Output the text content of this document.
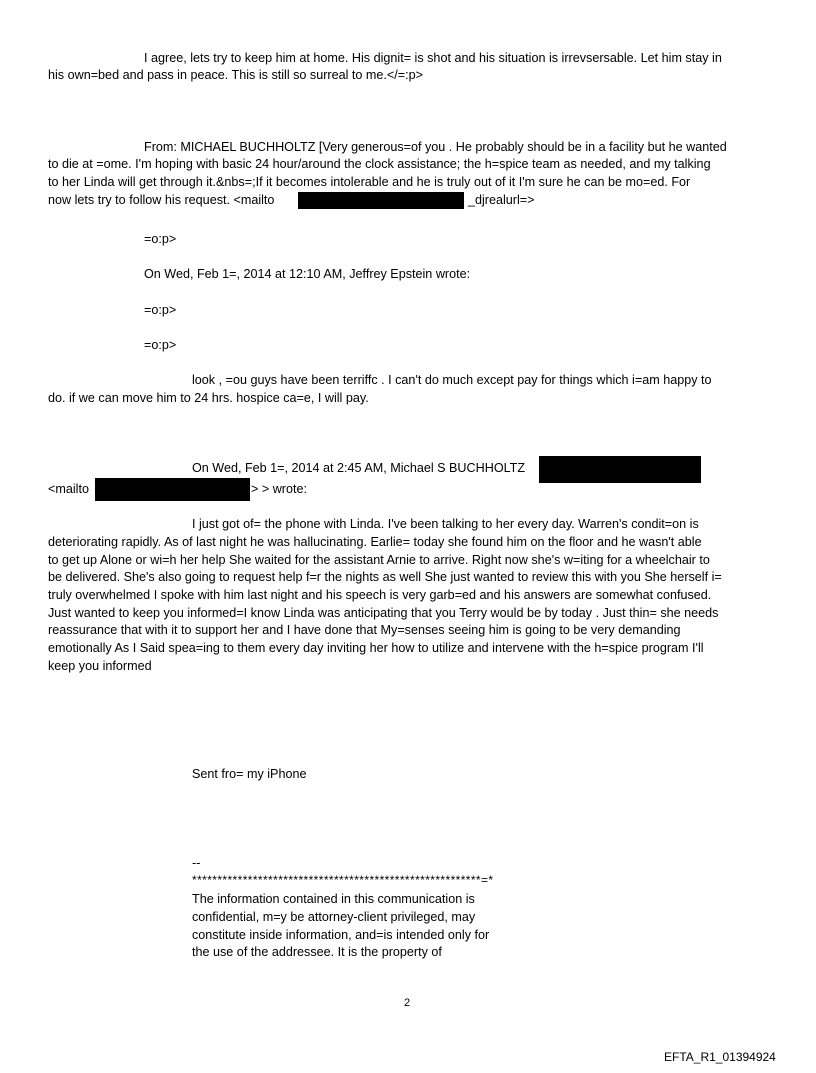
I agree, lets try to keep him at home. His dignit= is shot and his situation is irrevsersable. Let him stay in
his own=bed and pass in peace. This is still so surreal to me.</=:p>
From: MICHAEL BUCHHOLTZ [Very generous=of you . He probably should be in a facility but he wanted
to die at =ome. I'm hoping with basic 24 hour/around the clock assistance; the h=spice team as needed, and my talking
to her Linda will get through it.&nbs=;If it becomes intolerable and he is truly out of it I'm sure he can be mo=ed. For
now lets try to follow his request. <mailto	_djrealurl=>
=o:p>
On Wed, Feb 1=, 2014 at 12:10 AM, Jeffrey Epstein wrote:
=o:p>
=o:p>
look , =ou guys have been terriffc . I can't do much except pay for things which i=am happy to
do. if we can move him to 24 hrs. hospice ca=e, I will pay.
On Wed, Feb 1=, 2014 at 2:45 AM, Michael S BUCHHOLTZ
<mailto	> > wrote:
I just got of= the phone with Linda. I've been talking to her every day. Warren's condit=on is
deteriorating rapidly. As of last night he was hallucinating. Earlie= today she found him on the floor and he wasn't able
to get up Alone or wi=h her help She waited for the assistant Arnie to arrive. Right now she's w=iting for a wheelchair to
be delivered. She's also going to request help f=r the nights as well She just wanted to review this with you She herself i=
truly overwhelmed I spoke with him last night and his speech is very garb=ed and his answers are somewhat confused.
Just wanted to keep you informed=I know Linda was anticipating that you Terry would be by today . Just thin= she needs
reassurance that with it to support her and I have done that My=senses seeing him is going to be very demanding
emotionally As I Said spea=ing to them every day inviting her how to utilize and intervene with the h=spice program I'll
keep you informed
Sent fro= my iPhone
--
*********************************************************=*
The information contained in this communication is
confidential, m=y be attorney-client privileged, may
constitute inside information, and=is intended only for
the use of the addressee. It is the property of
2
EFTA_R1_01394924
